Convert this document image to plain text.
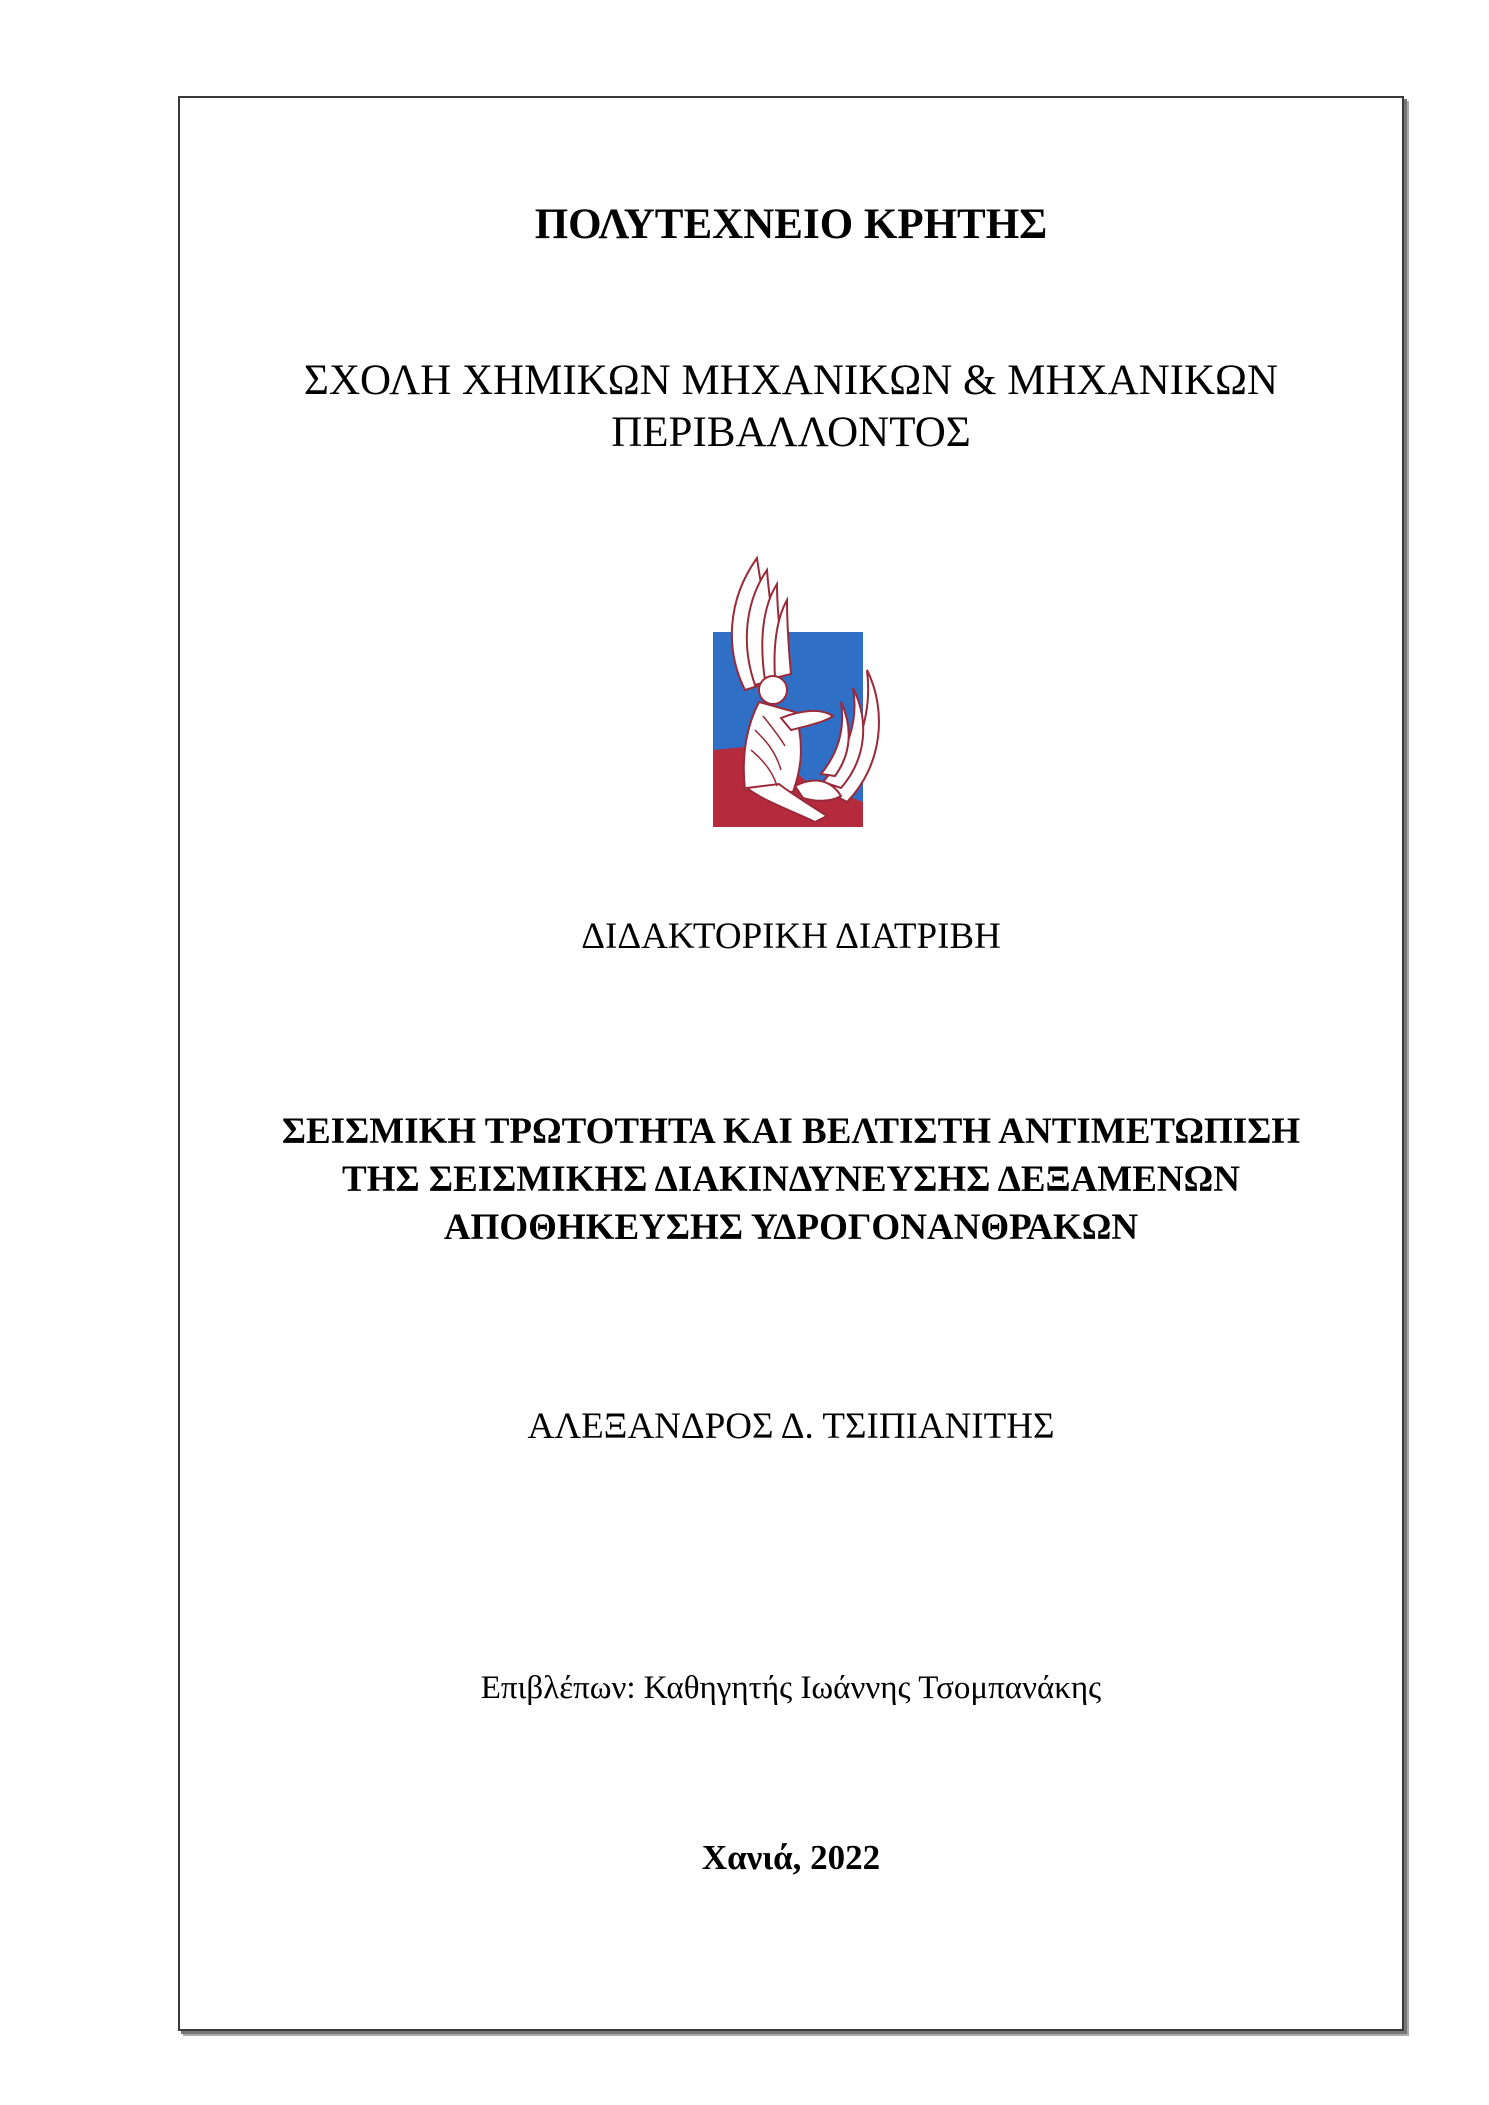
ΠΟΛΥΤΕΧΝΕΙΟ ΚΡΗΤΗΣ
ΣΧΟΛΗ ΧΗΜΙΚΩΝ ΜΗΧΑΝΙΚΩΝ & ΜΗΧΑΝΙΚΩΝ
ΠΕΡΙΒΑΛΛΟΝΤΟΣ
ΔΙΔΑΚΤΟΡΙΚΗ ΔΙΑΤΡΙΒΗ
ΣΕΙΣΜΙΚΗ ΤΡΩΤΟΤΗΤΑ ΚΑΙ ΒΕΛΤΙΣΤΗ ΑΝΤΙΜΕΤΩΠΙΣΗ
ΤΗΣ ΣΕΙΣΜΙΚΗΣ ΔΙΑΚΙΝΔΥΝΕΥΣΗΣ ΔΕΞΑΜΕΝΩΝ
ΑΠΟΘΗΚΕΥΣΗΣ ΥΔΡΟΓΟΝΑΝΘΡΑΚΩΝ
ΑΛΕΞΑΝΔΡΟΣ Δ. ΤΣΙΠΙΑΝΙΤΗΣ
Επιβλέπων: Καθηγητής Ιωάννης Τσομπανάκης
Χανιά, 2022
